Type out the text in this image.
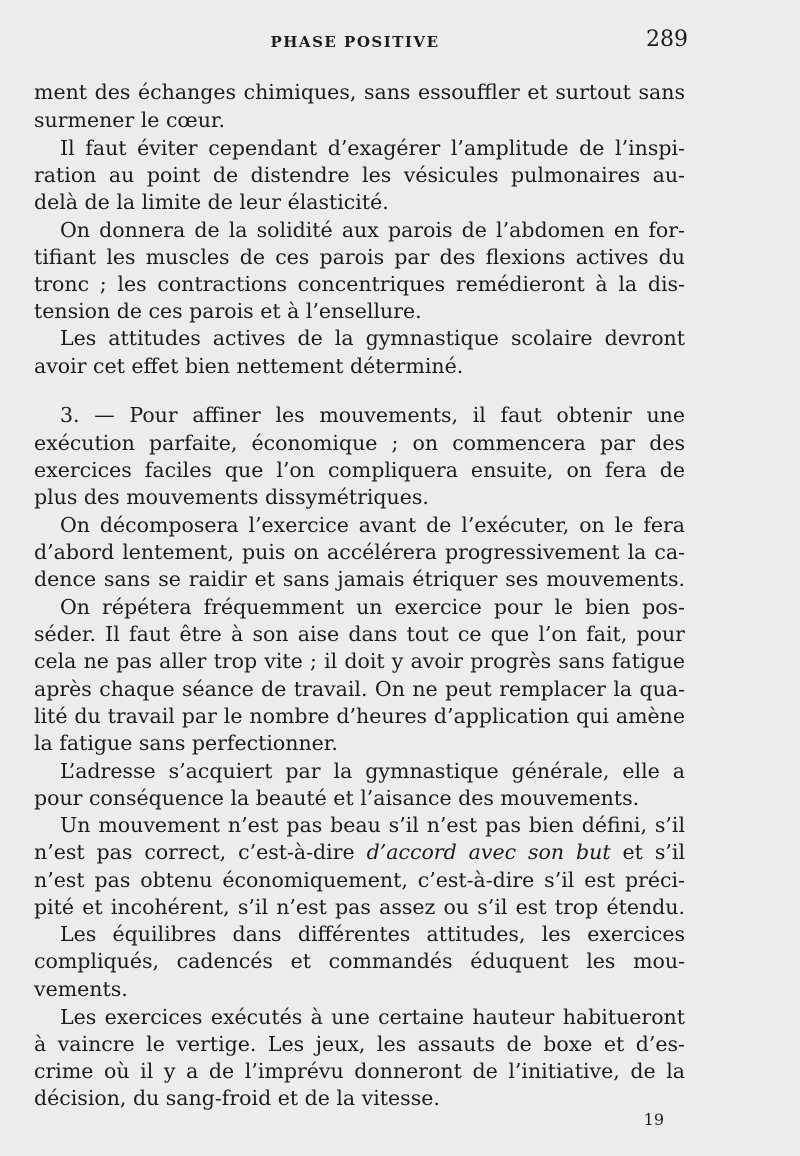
PHASE POSITIVE	289
ment des échanges chimiques, sans essouffler et surtout sans
surmener le cœur.
Il faut éviter cependant d’exagérer l’amplitude de l’inspi-
ration au point de distendre les vésicules pulmonaires au-
delà de la limite de leur élasticité.
On donnera de la solidité aux parois de l’abdomen en for-
tifiant les muscles de ces parois par des flexions actives du
tronc ; les contractions concentriques remédieront à la dis-
tension de ces parois et à l’ensellure.
Les attitudes actives de la gymnastique scolaire devront
avoir cet effet bien nettement déterminé.
3. — Pour affiner les mouvements, il faut obtenir une
exécution parfaite, économique ; on commencera par des
exercices faciles que l’on compliquera ensuite, on fera de
plus des mouvements dissymétriques.
On décomposera l’exercice avant de l’exécuter, on le fera
d’abord lentement, puis on accélérera progressivement la ca-
dence sans se raidir et sans jamais étriquer ses mouvements.
On répétera fréquemment un exercice pour le bien pos-
séder. Il faut être à son aise dans tout ce que l’on fait, pour
cela ne pas aller trop vite ; il doit y avoir progrès sans fatigue
après chaque séance de travail. On ne peut remplacer la qua-
lité du travail par le nombre d’heures d’application qui amène
la fatigue sans perfectionner.
L’adresse s’acquiert par la gymnastique générale, elle a
pour conséquence la beauté et l’aisance des mouvements.
Un mouvement n’est pas beau s’il n’est pas bien défini, s’il
n’est pas correct, c’est-à-dire d’accord avec son but et s’il
n’est pas obtenu économiquement, c’est-à-dire s’il est préci-
pité et incohérent, s’il n’est pas assez ou s’il est trop étendu.
Les équilibres dans différentes attitudes, les exercices
compliqués, cadencés et commandés éduquent les mou-
vements.
Les exercices exécutés à une certaine hauteur habitueront
à vaincre le vertige. Les jeux, les assauts de boxe et d’es-
crime où il y a de l’imprévu donneront de l’initiative, de la
décision, du sang-froid et de la vitesse.
19
